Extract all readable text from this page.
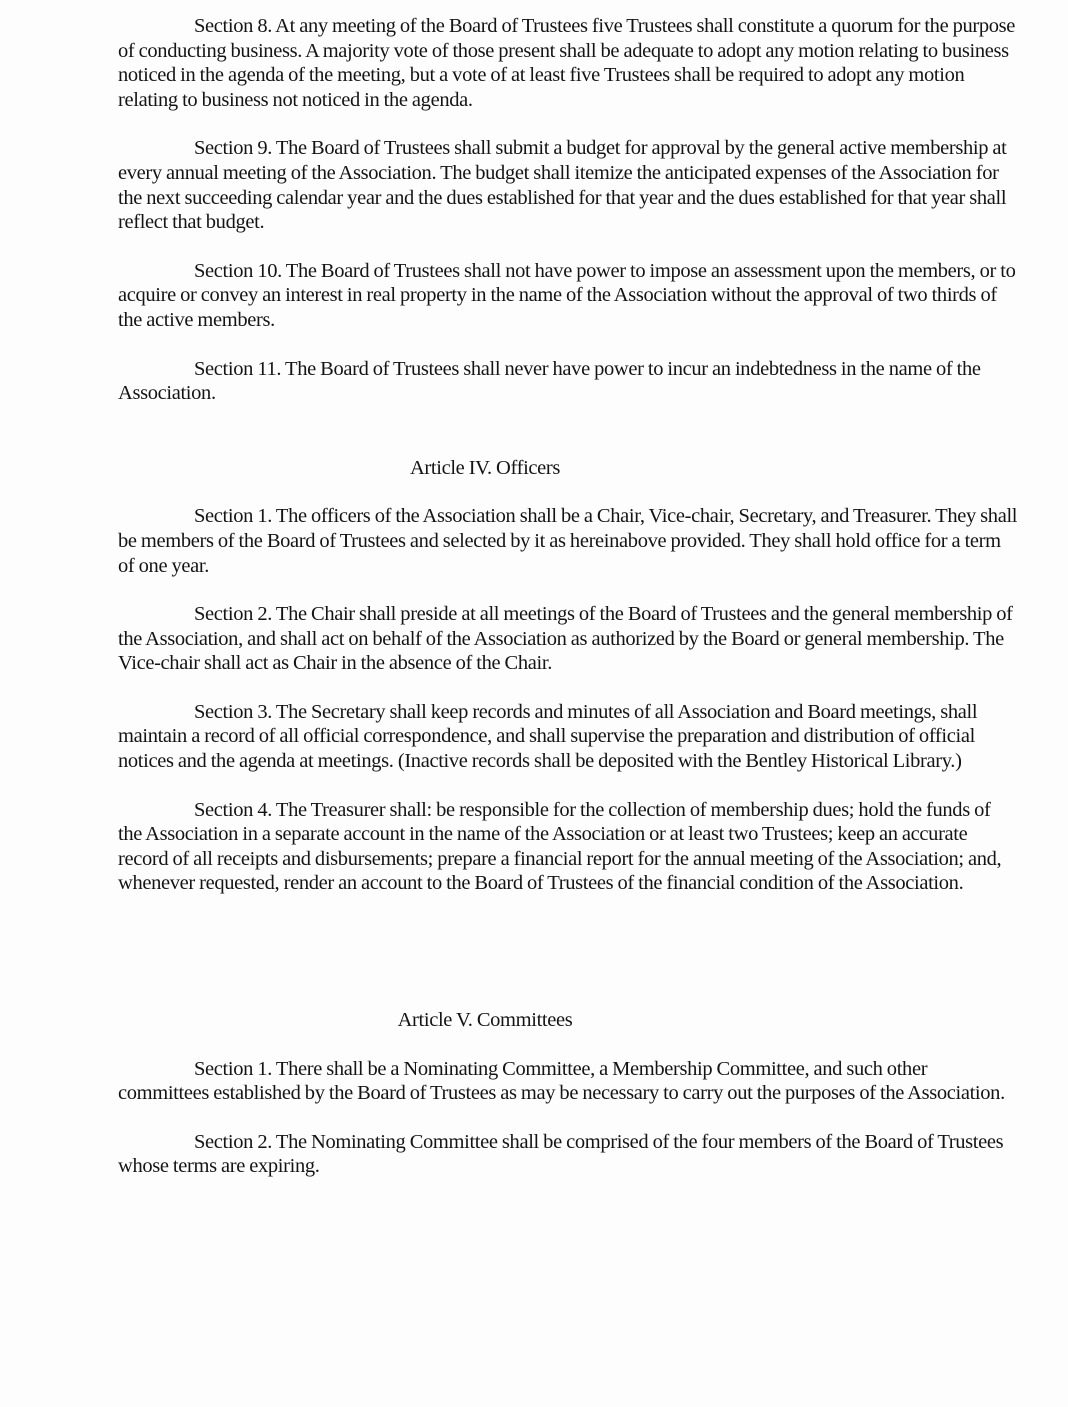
Section 8. At any meeting of the Board of Trustees five Trustees shall constitute a quorum for the purpose of conducting business. A majority vote of those present shall be adequate to adopt any motion relating to business noticed in the agenda of the meeting, but a vote of at least five Trustees shall be required to adopt any motion relating to business not noticed in the agenda.

Section 9. The Board of Trustees shall submit a budget for approval by the general active membership at every annual meeting of the Association. The budget shall itemize the anticipated expenses of the Association for the next succeeding calendar year and the dues established for that year and the dues established for that year shall reflect that budget.

Section 10. The Board of Trustees shall not have power to impose an assessment upon the members, or to acquire or convey an interest in real property in the name of the Association without the approval of two thirds of the active members.

Section 11. The Board of Trustees shall never have power to incur an indebtedness in the name of the Association.

Article IV. Officers

Section 1. The officers of the Association shall be a Chair, Vice-chair, Secretary, and Treasurer. They shall be members of the Board of Trustees and selected by it as hereinabove provided. They shall hold office for a term of one year.

Section 2. The Chair shall preside at all meetings of the Board of Trustees and the general membership of the Association, and shall act on behalf of the Association as authorized by the Board or general membership. The Vice-chair shall act as Chair in the absence of the Chair.

Section 3. The Secretary shall keep records and minutes of all Association and Board meetings, shall maintain a record of all official correspondence, and shall supervise the preparation and distribution of official notices and the agenda at meetings. (Inactive records shall be deposited with the Bentley Historical Library.)

Section 4. The Treasurer shall: be responsible for the collection of membership dues; hold the funds of the Association in a separate account in the name of the Association or at least two Trustees; keep an accurate record of all receipts and disbursements; prepare a financial report for the annual meeting of the Association; and, whenever requested, render an account to the Board of Trustees of the financial condition of the Association.

Article V. Committees

Section 1. There shall be a Nominating Committee, a Membership Committee, and such other committees established by the Board of Trustees as may be necessary to carry out the purposes of the Association.

Section 2. The Nominating Committee shall be comprised of the four members of the Board of Trustees whose terms are expiring.
